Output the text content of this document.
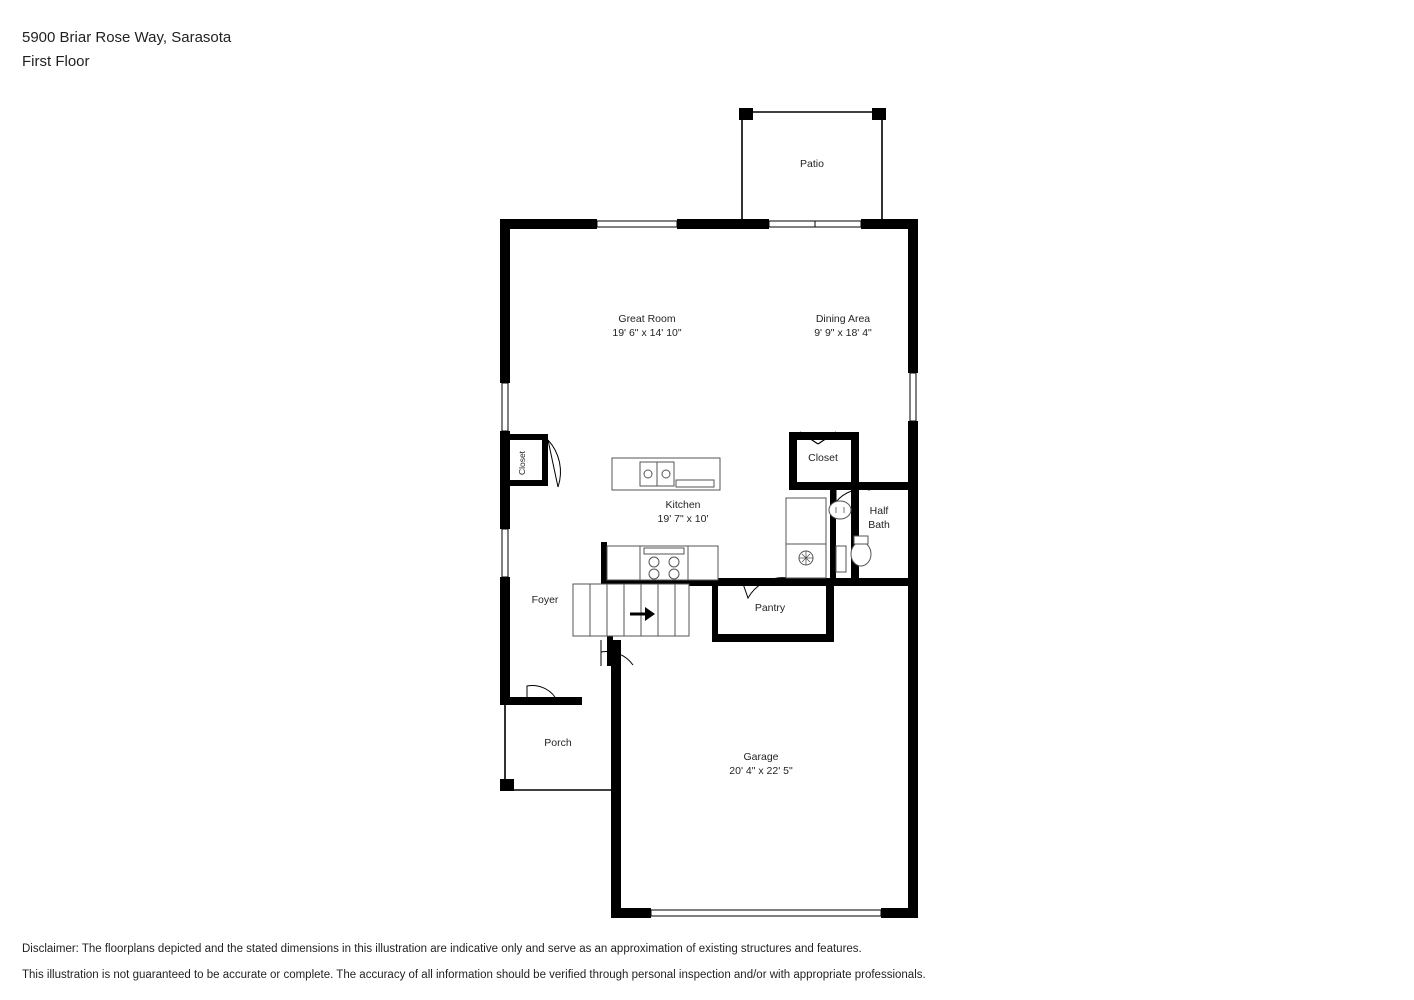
5900 Briar Rose Way, Sarasota
First Floor
Patio
Great Room
19' 6" x 14' 10"
Dining Area
9' 9" x 18' 4"
Kitchen
19' 7" x 10'
Closet
Half
Bath
Foyer
Pantry
Porch
Garage
20' 4" x 22' 5"
Closet
Disclaimer: The floorplans depicted and the stated dimensions in this illustration are indicative only and serve as an approximation of existing structures and features.
This illustration is not guaranteed to be accurate or complete. The accuracy of all information should be verified through personal inspection and/or with appropriate professionals.
